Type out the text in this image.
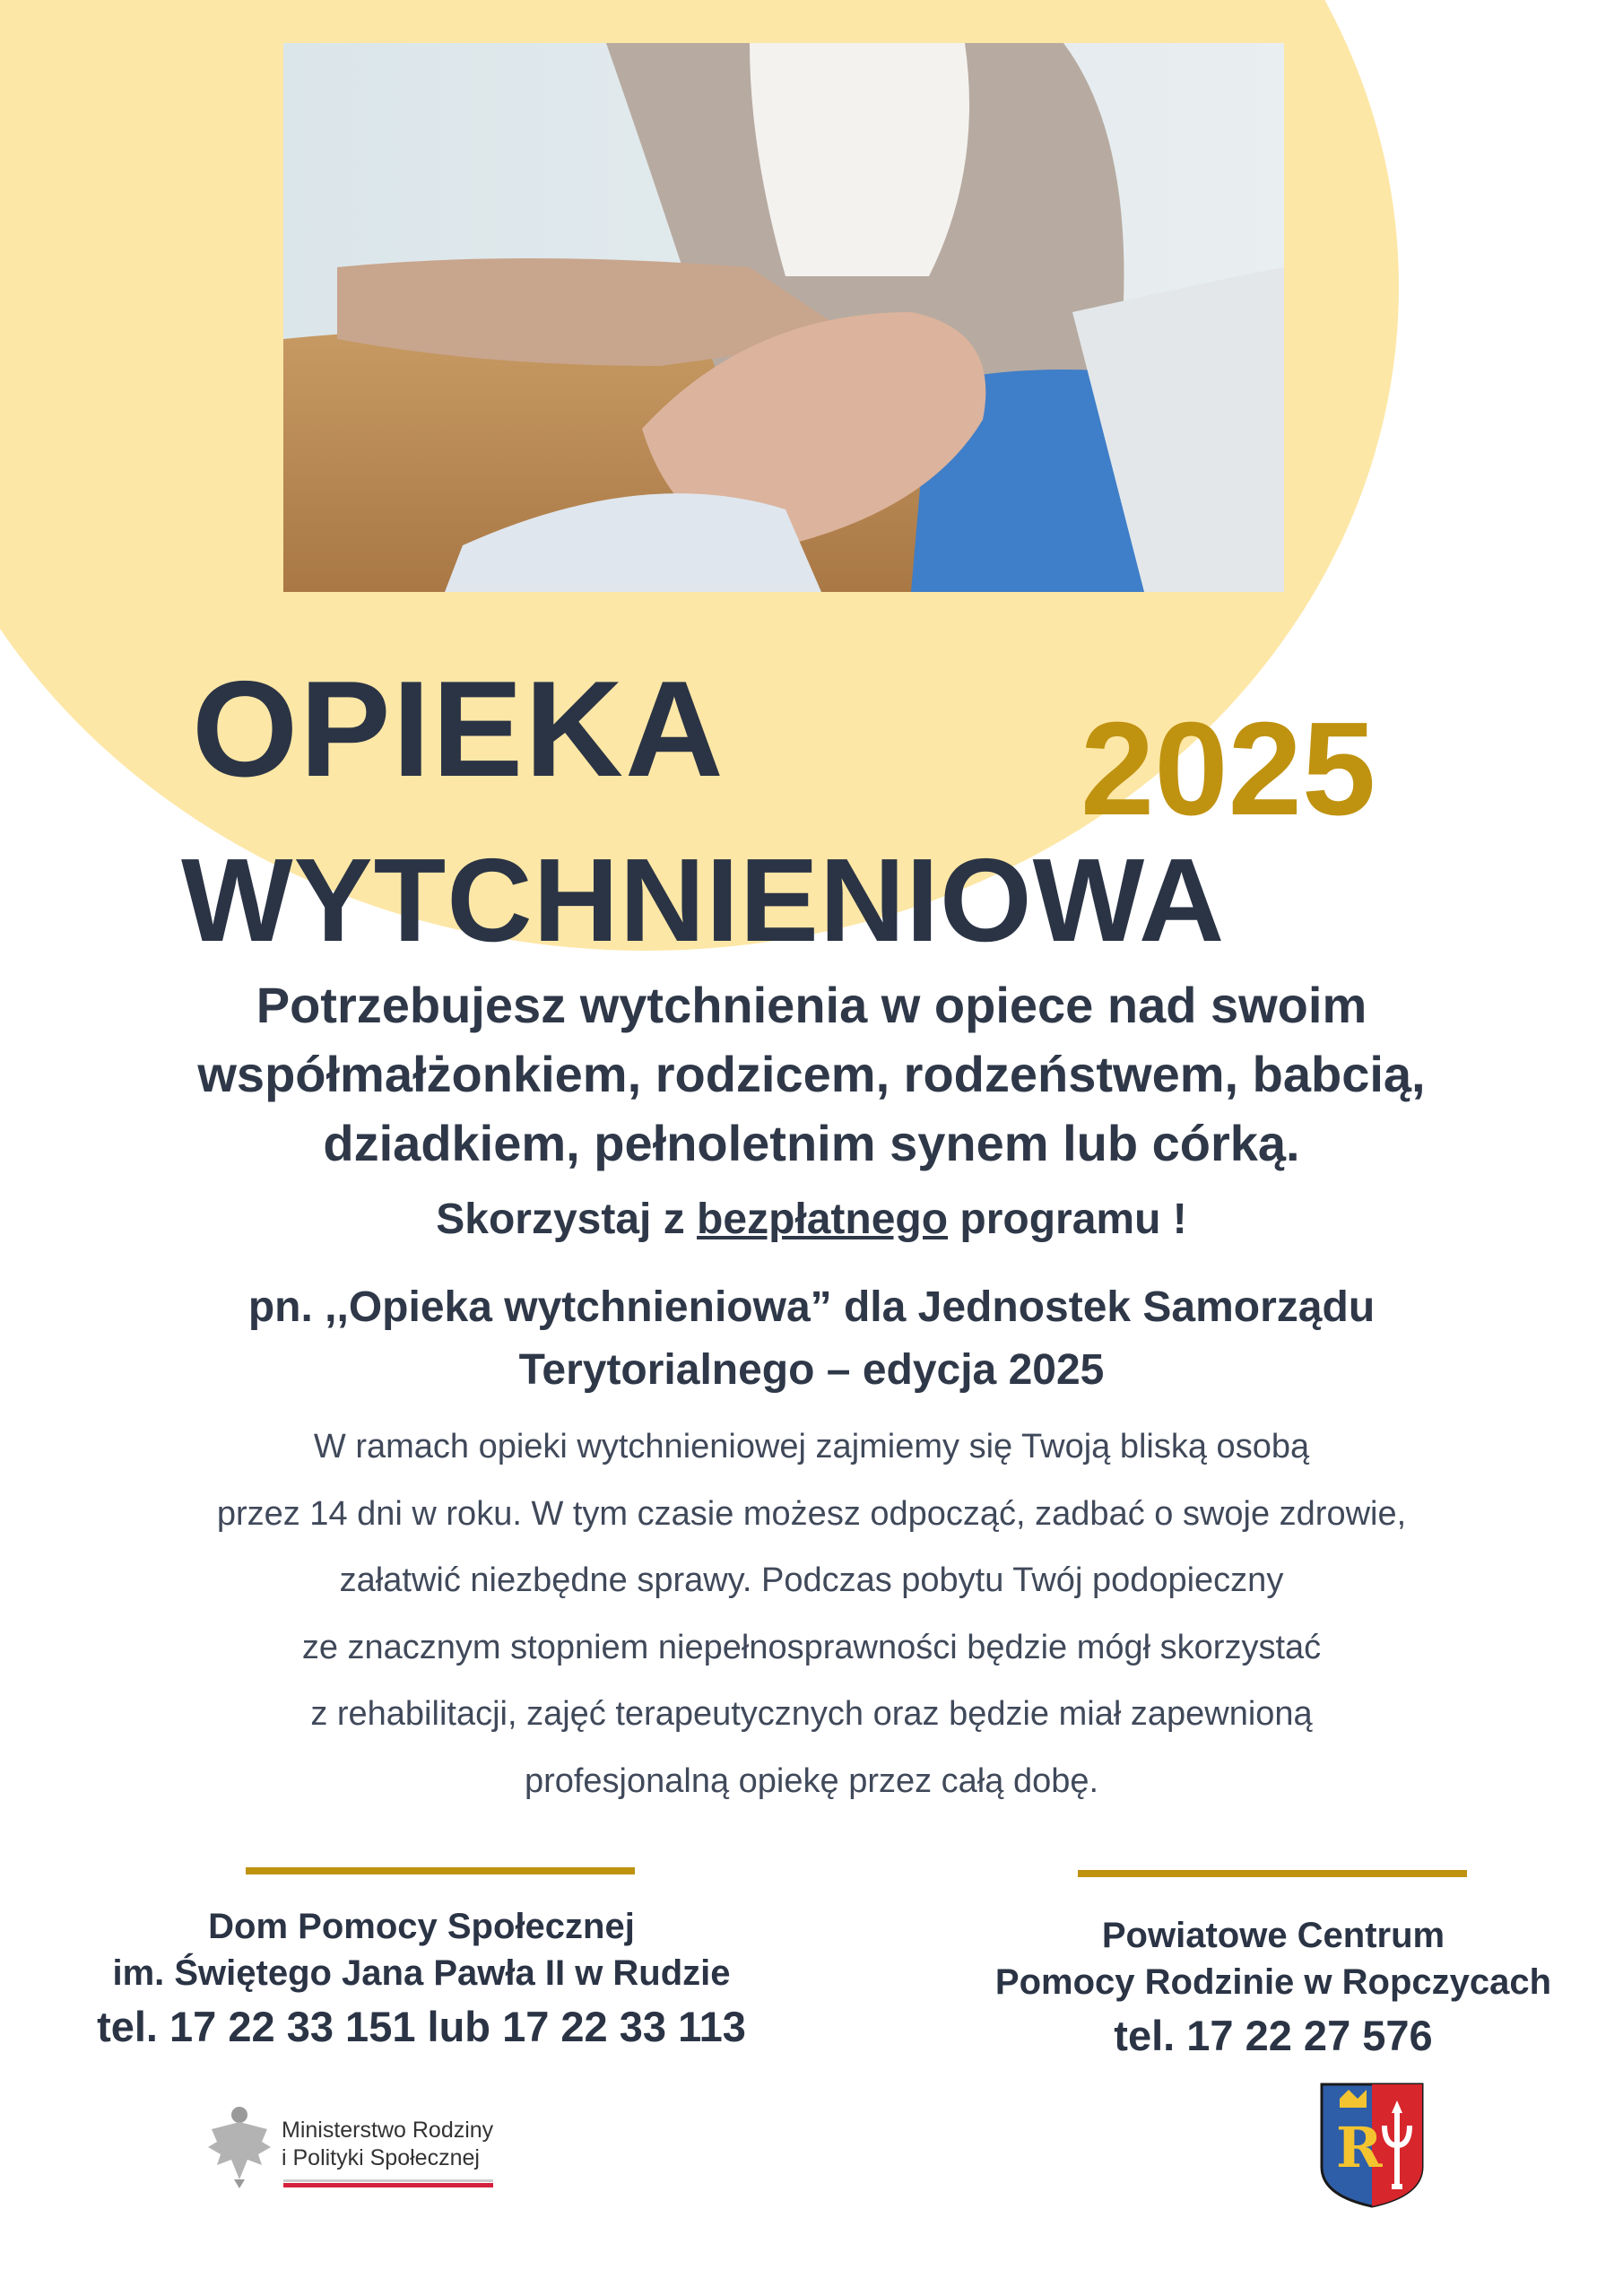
OPIEKA	2025
WYTCHNIENIOWA
Potrzebujesz wytchnienia w opiece nad swoim
współmałżonkiem, rodzicem, rodzeństwem, babcią,
dziadkiem, pełnoletnim synem lub córką.
Skorzystaj z bezpłatnego programu !
pn. ,,Opieka wytchnieniowa” dla Jednostek Samorządu
Terytorialnego – edycja 2025
W ramach opieki wytchnieniowej zajmiemy się Twoją bliską osobą
przez 14 dni w roku. W tym czasie możesz odpocząć, zadbać o swoje zdrowie,
załatwić niezbędne sprawy. Podczas pobytu Twój podopieczny
ze znacznym stopniem niepełnosprawności będzie mógł skorzystać
z rehabilitacji, zajęć terapeutycznych oraz będzie miał zapewnioną
profesjonalną opiekę przez całą dobę.
Dom Pomocy Społecznej
im. Świętego Jana Pawła II w Rudzie
tel. 17 22 33 151 lub 17 22 33 113
Powiatowe Centrum
Pomocy Rodzinie w Ropczycach
tel. 17 22 27 576
Ministerstwo Rodziny
i Polityki Społecznej	R
